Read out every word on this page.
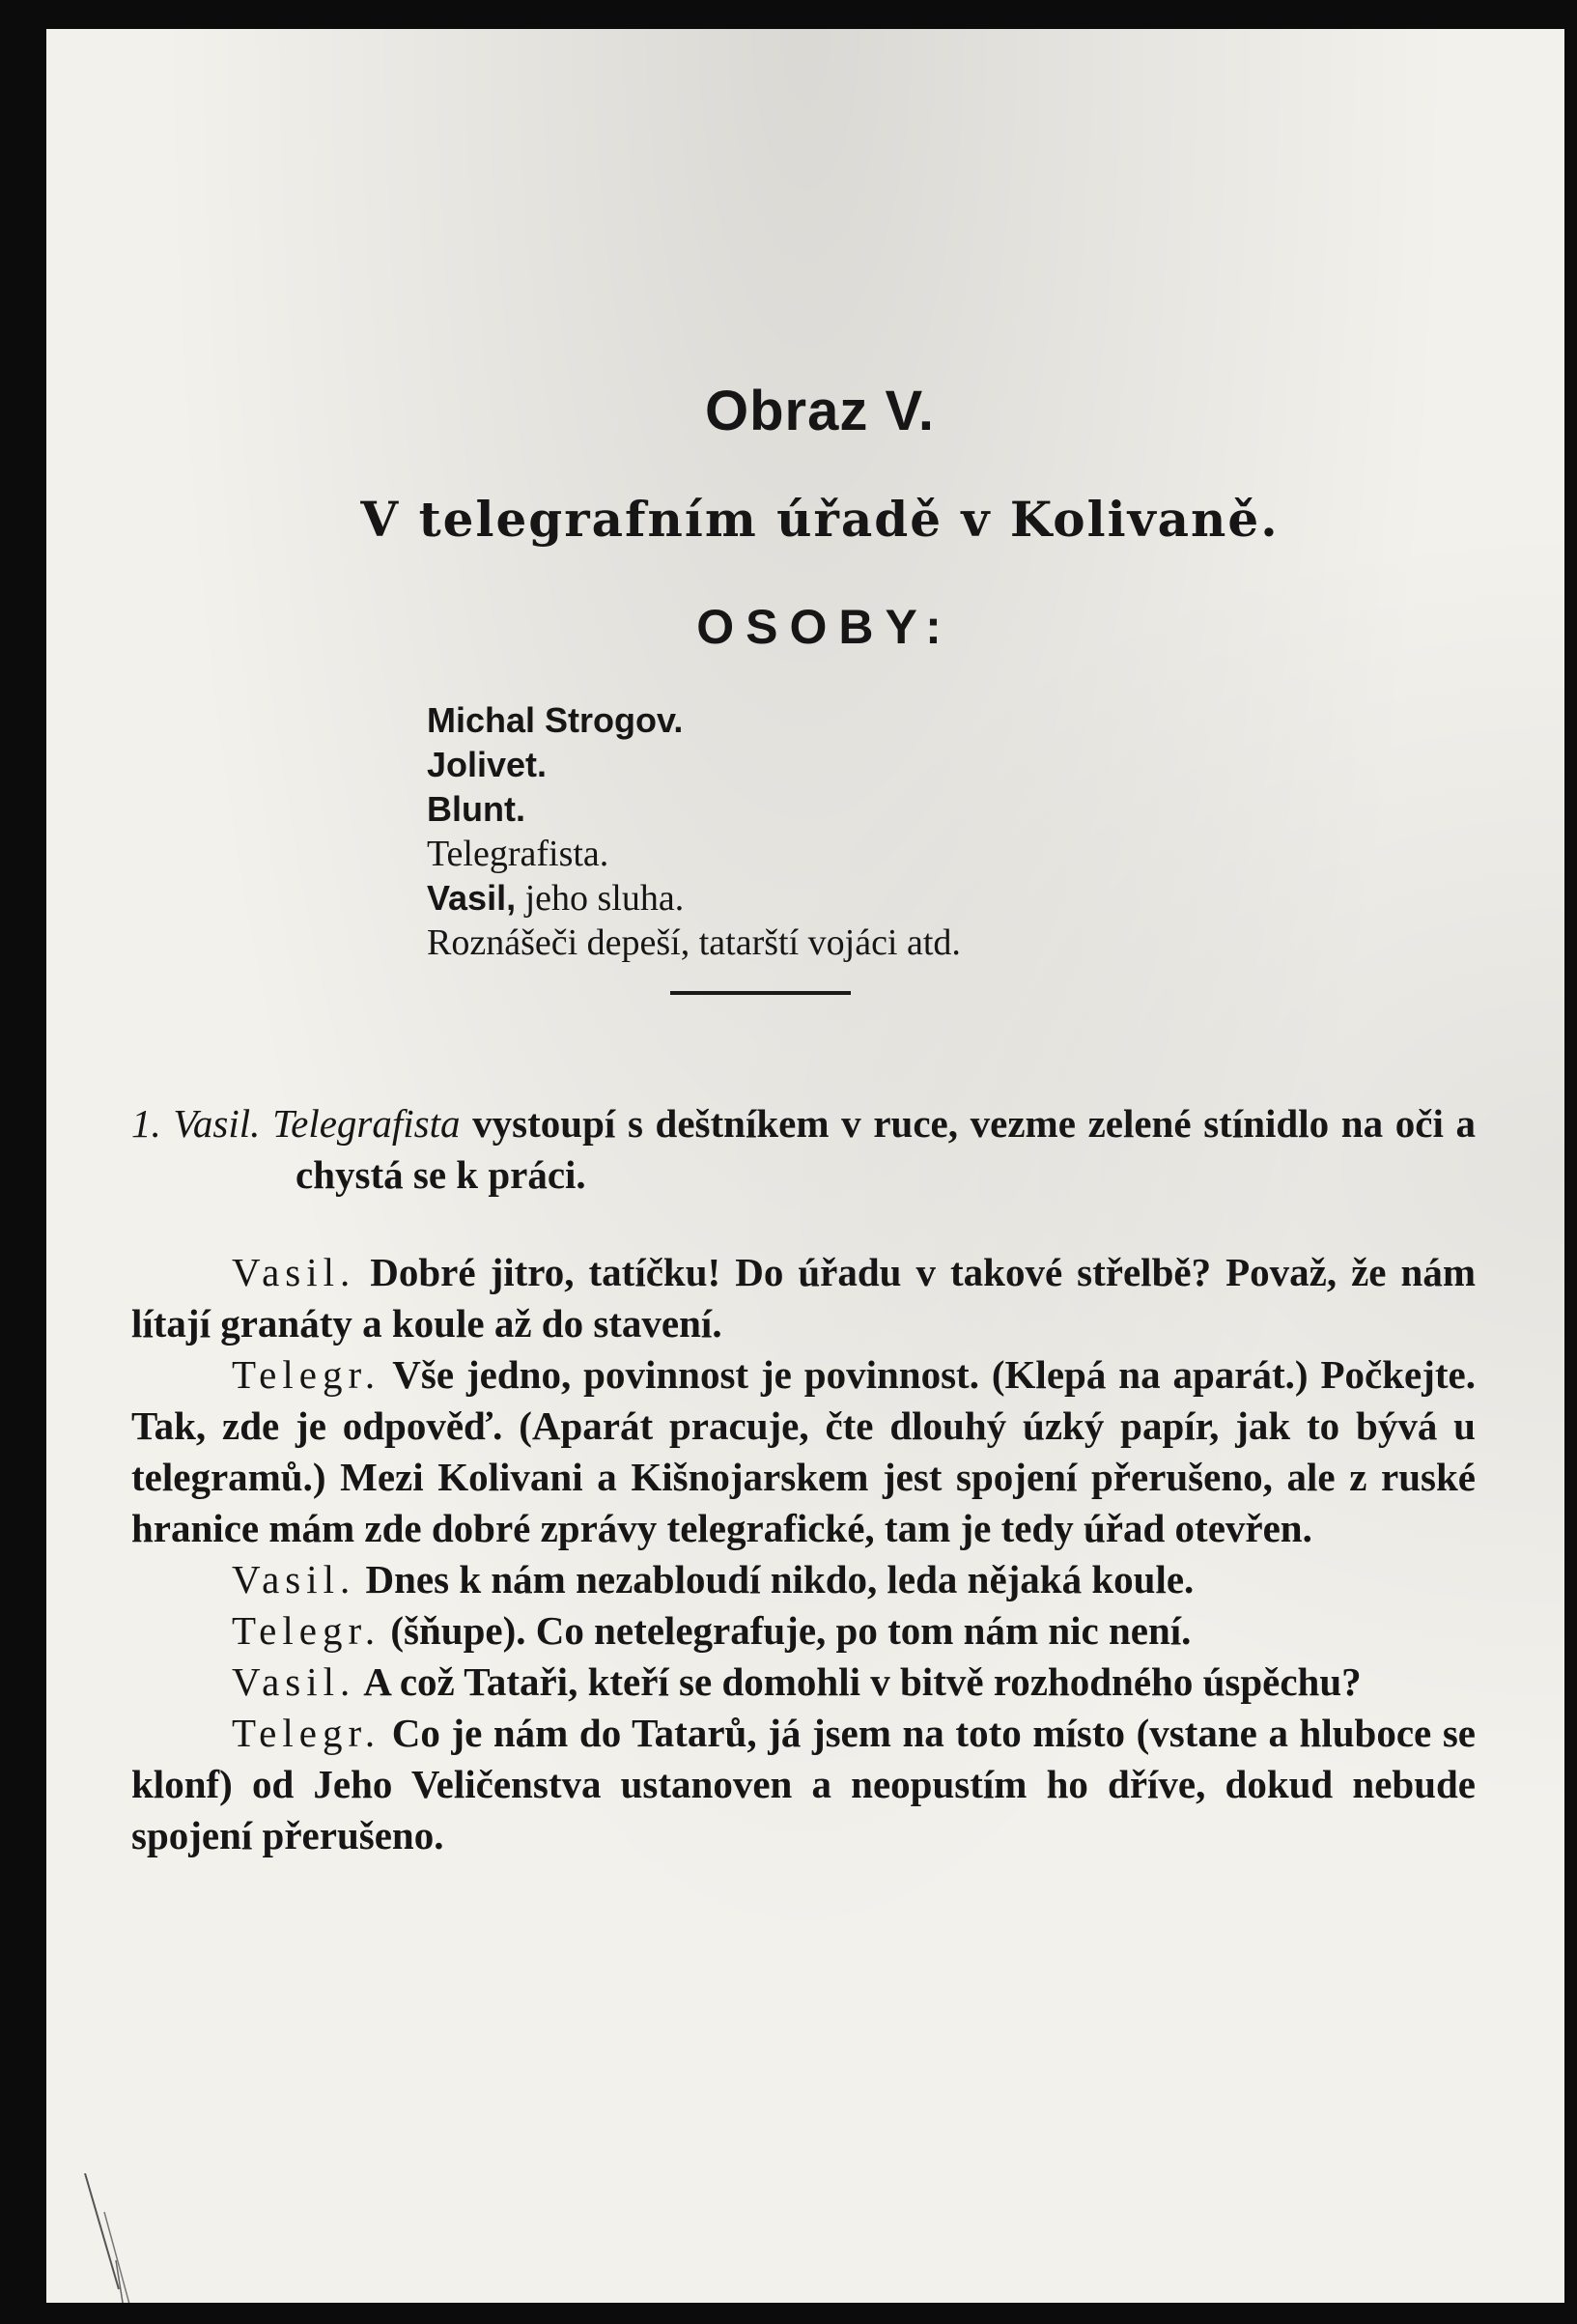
Obraz V.
V telegrafním úřadě v Kolivaně.
OSOBY:
Michal Strogov.
Jolivet.
Blunt.
Telegrafista.
Vasil, jeho sluha.
Roznášeči depeší, tatarští vojáci atd.

1. Vasil. Telegrafista vystoupí s deštníkem v ruce, vezme zelené stínidlo na oči a chystá se k práci.

Vasil. Dobré jitro, tatíčku! Do úřadu v takové střelbě? Považ, že nám lítají granáty a koule až do stavení.

Telegr. Vše jedno, povinnost je povinnost. (Klepá na aparát.) Počkejte. Tak, zde je odpověď. (Aparát pracuje, čte dlouhý úzký papír, jak to bývá u telegramů.) Mezi Kolivani a Kišnojarskem jest spojení přerušeno, ale z ruské hranice mám zde dobré zprávy telegrafické, tam je tedy úřad otevřen.

Vasil. Dnes k nám nezabloudí nikdo, leda nějaká koule.

Telegr. (šňupe). Co netelegrafuje, po tom nám nic není.

Vasil. A což Tataři, kteří se domohli v bitvě rozhodného úspěchu?

Telegr. Co je nám do Tatarů, já jsem na toto místo (vstane a hluboce se klonf) od Jeho Veličenstva ustanoven a neopustím ho dříve, dokud nebude spojení přerušeno.
